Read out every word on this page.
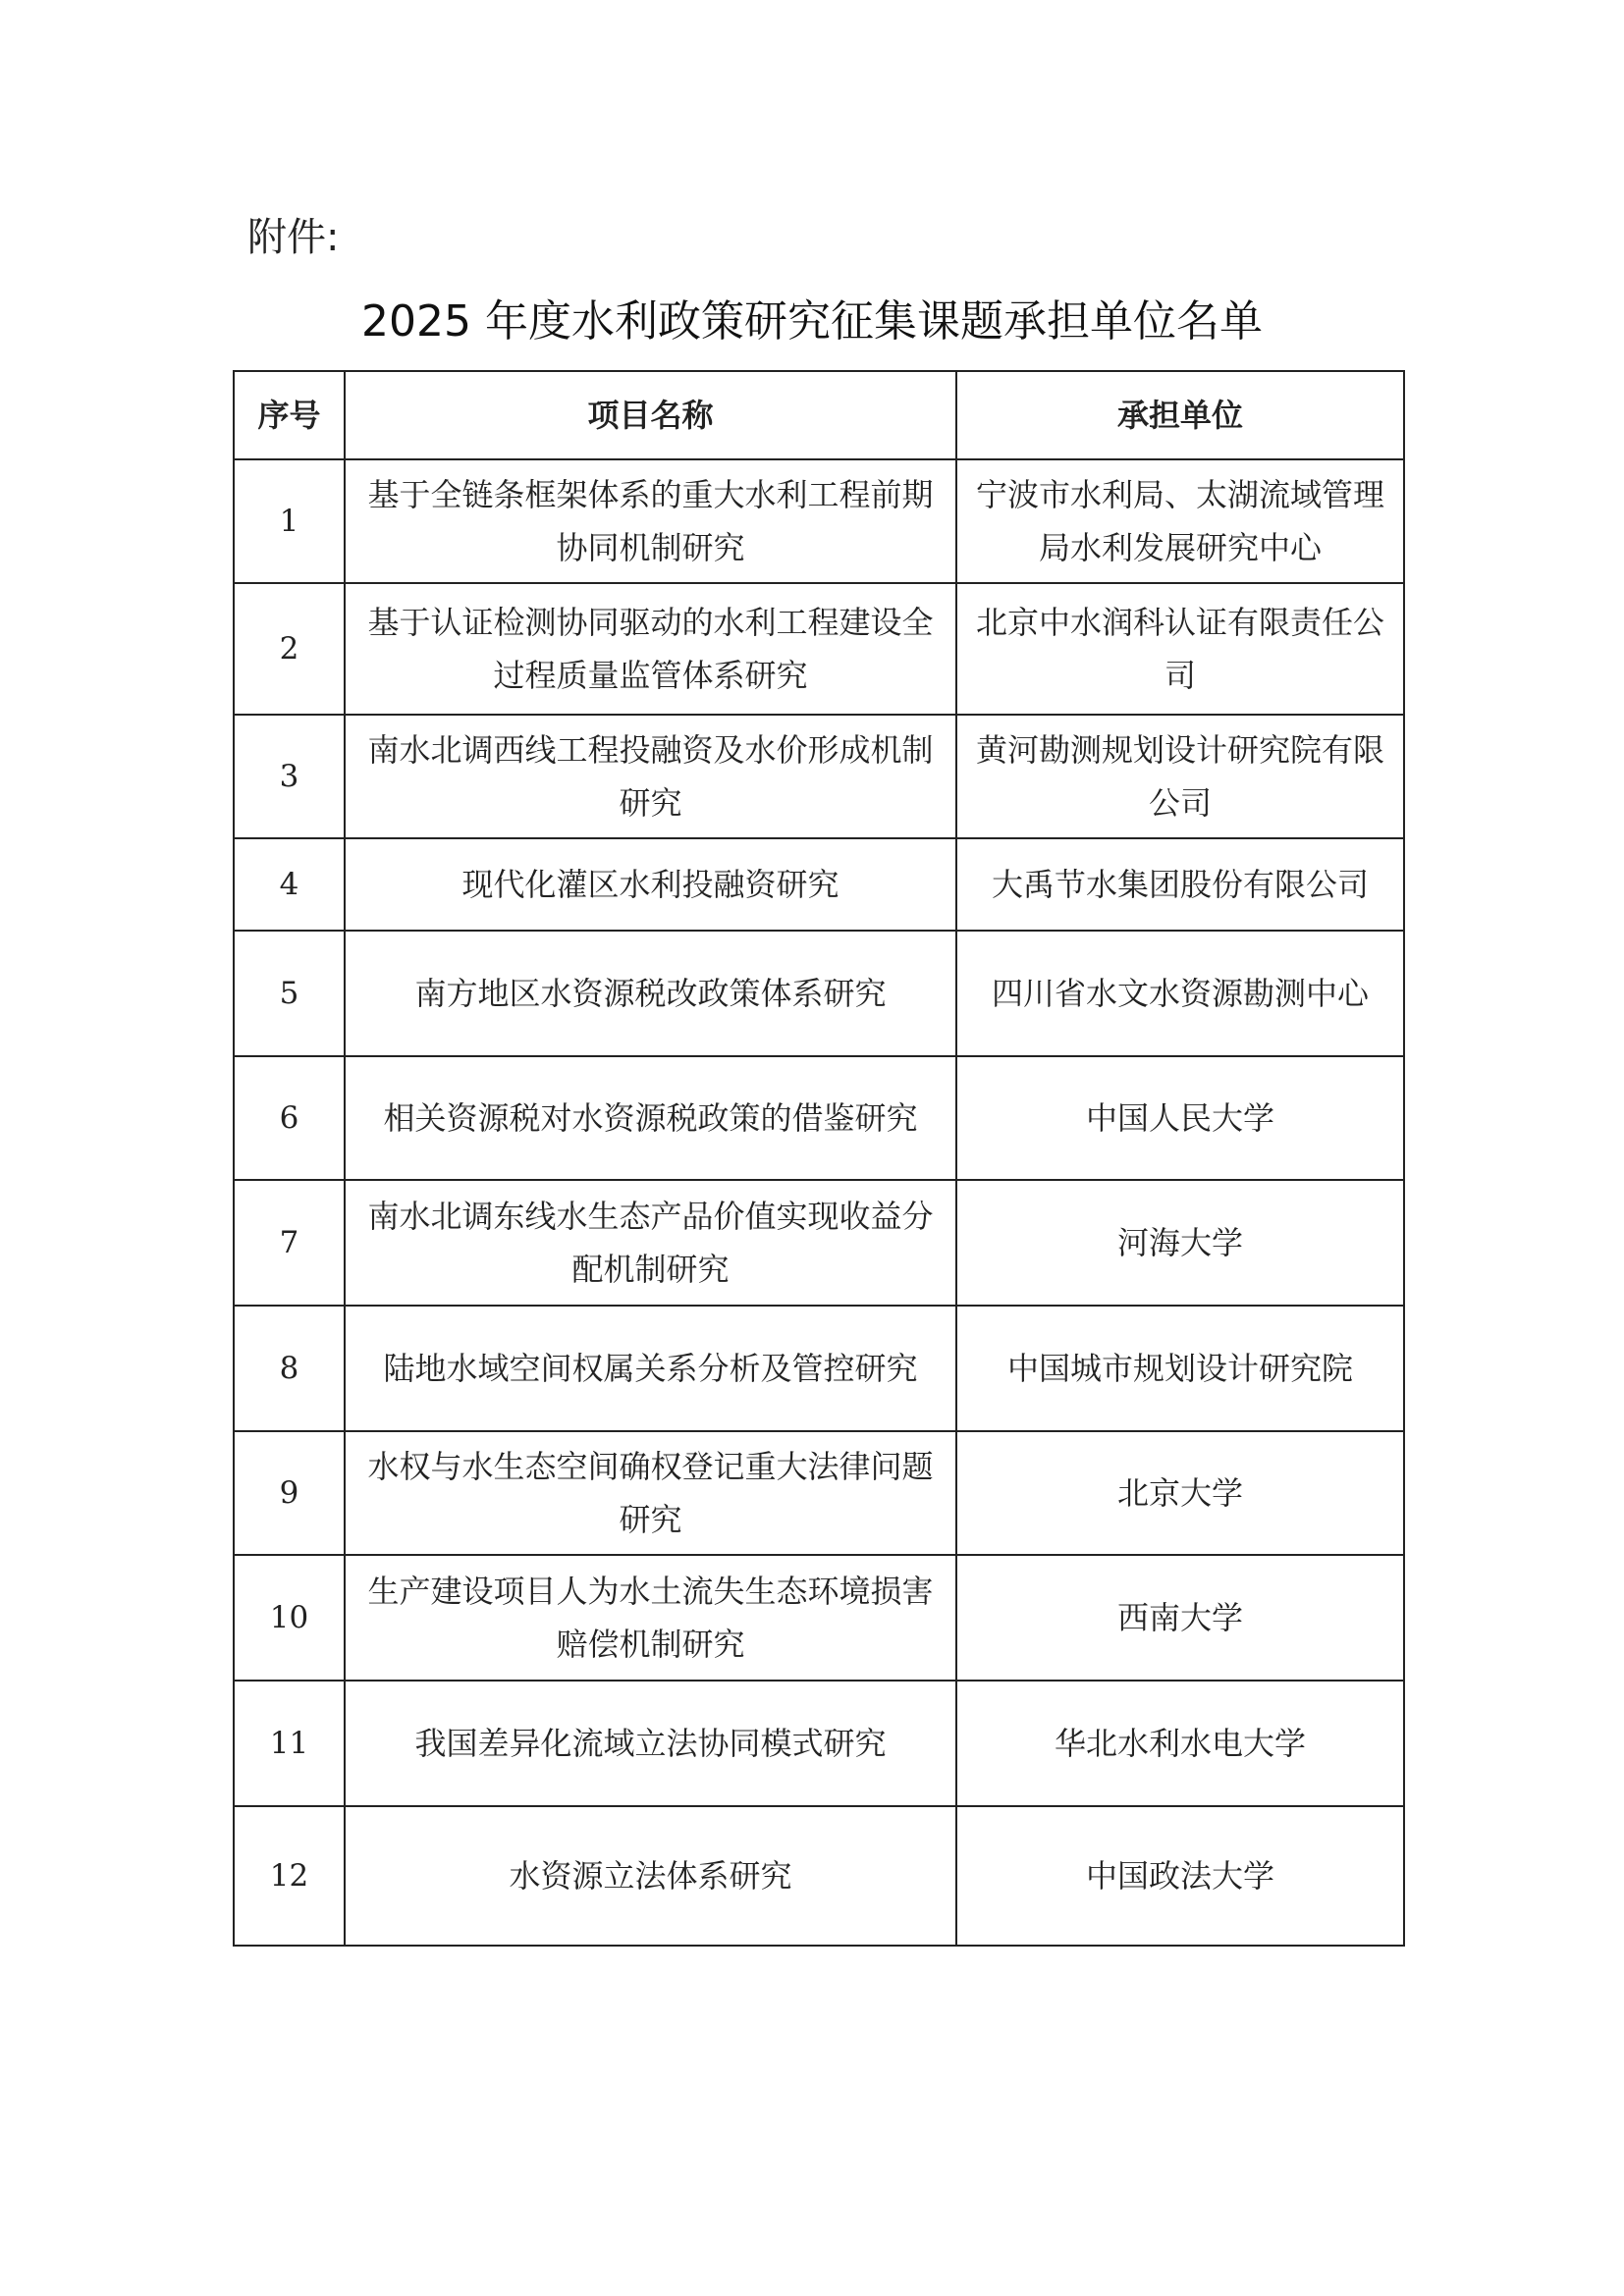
附件:
2025 年度水利政策研究征集课题承担单位名单
序号	项目名称	承担单位
1	基于全链条框架体系的重大水利工程前期协同机制研究	宁波市水利局、太湖流域管理局水利发展研究中心
2	基于认证检测协同驱动的水利工程建设全过程质量监管体系研究	北京中水润科认证有限责任公司
3	南水北调西线工程投融资及水价形成机制研究	黄河勘测规划设计研究院有限公司
4	现代化灌区水利投融资研究	大禹节水集团股份有限公司
5	南方地区水资源税改政策体系研究	四川省水文水资源勘测中心
6	相关资源税对水资源税政策的借鉴研究	中国人民大学
7	南水北调东线水生态产品价值实现收益分配机制研究	河海大学
8	陆地水域空间权属关系分析及管控研究	中国城市规划设计研究院
9	水权与水生态空间确权登记重大法律问题研究	北京大学
10	生产建设项目人为水土流失生态环境损害赔偿机制研究	西南大学
11	我国差异化流域立法协同模式研究	华北水利水电大学
12	水资源立法体系研究	中国政法大学
